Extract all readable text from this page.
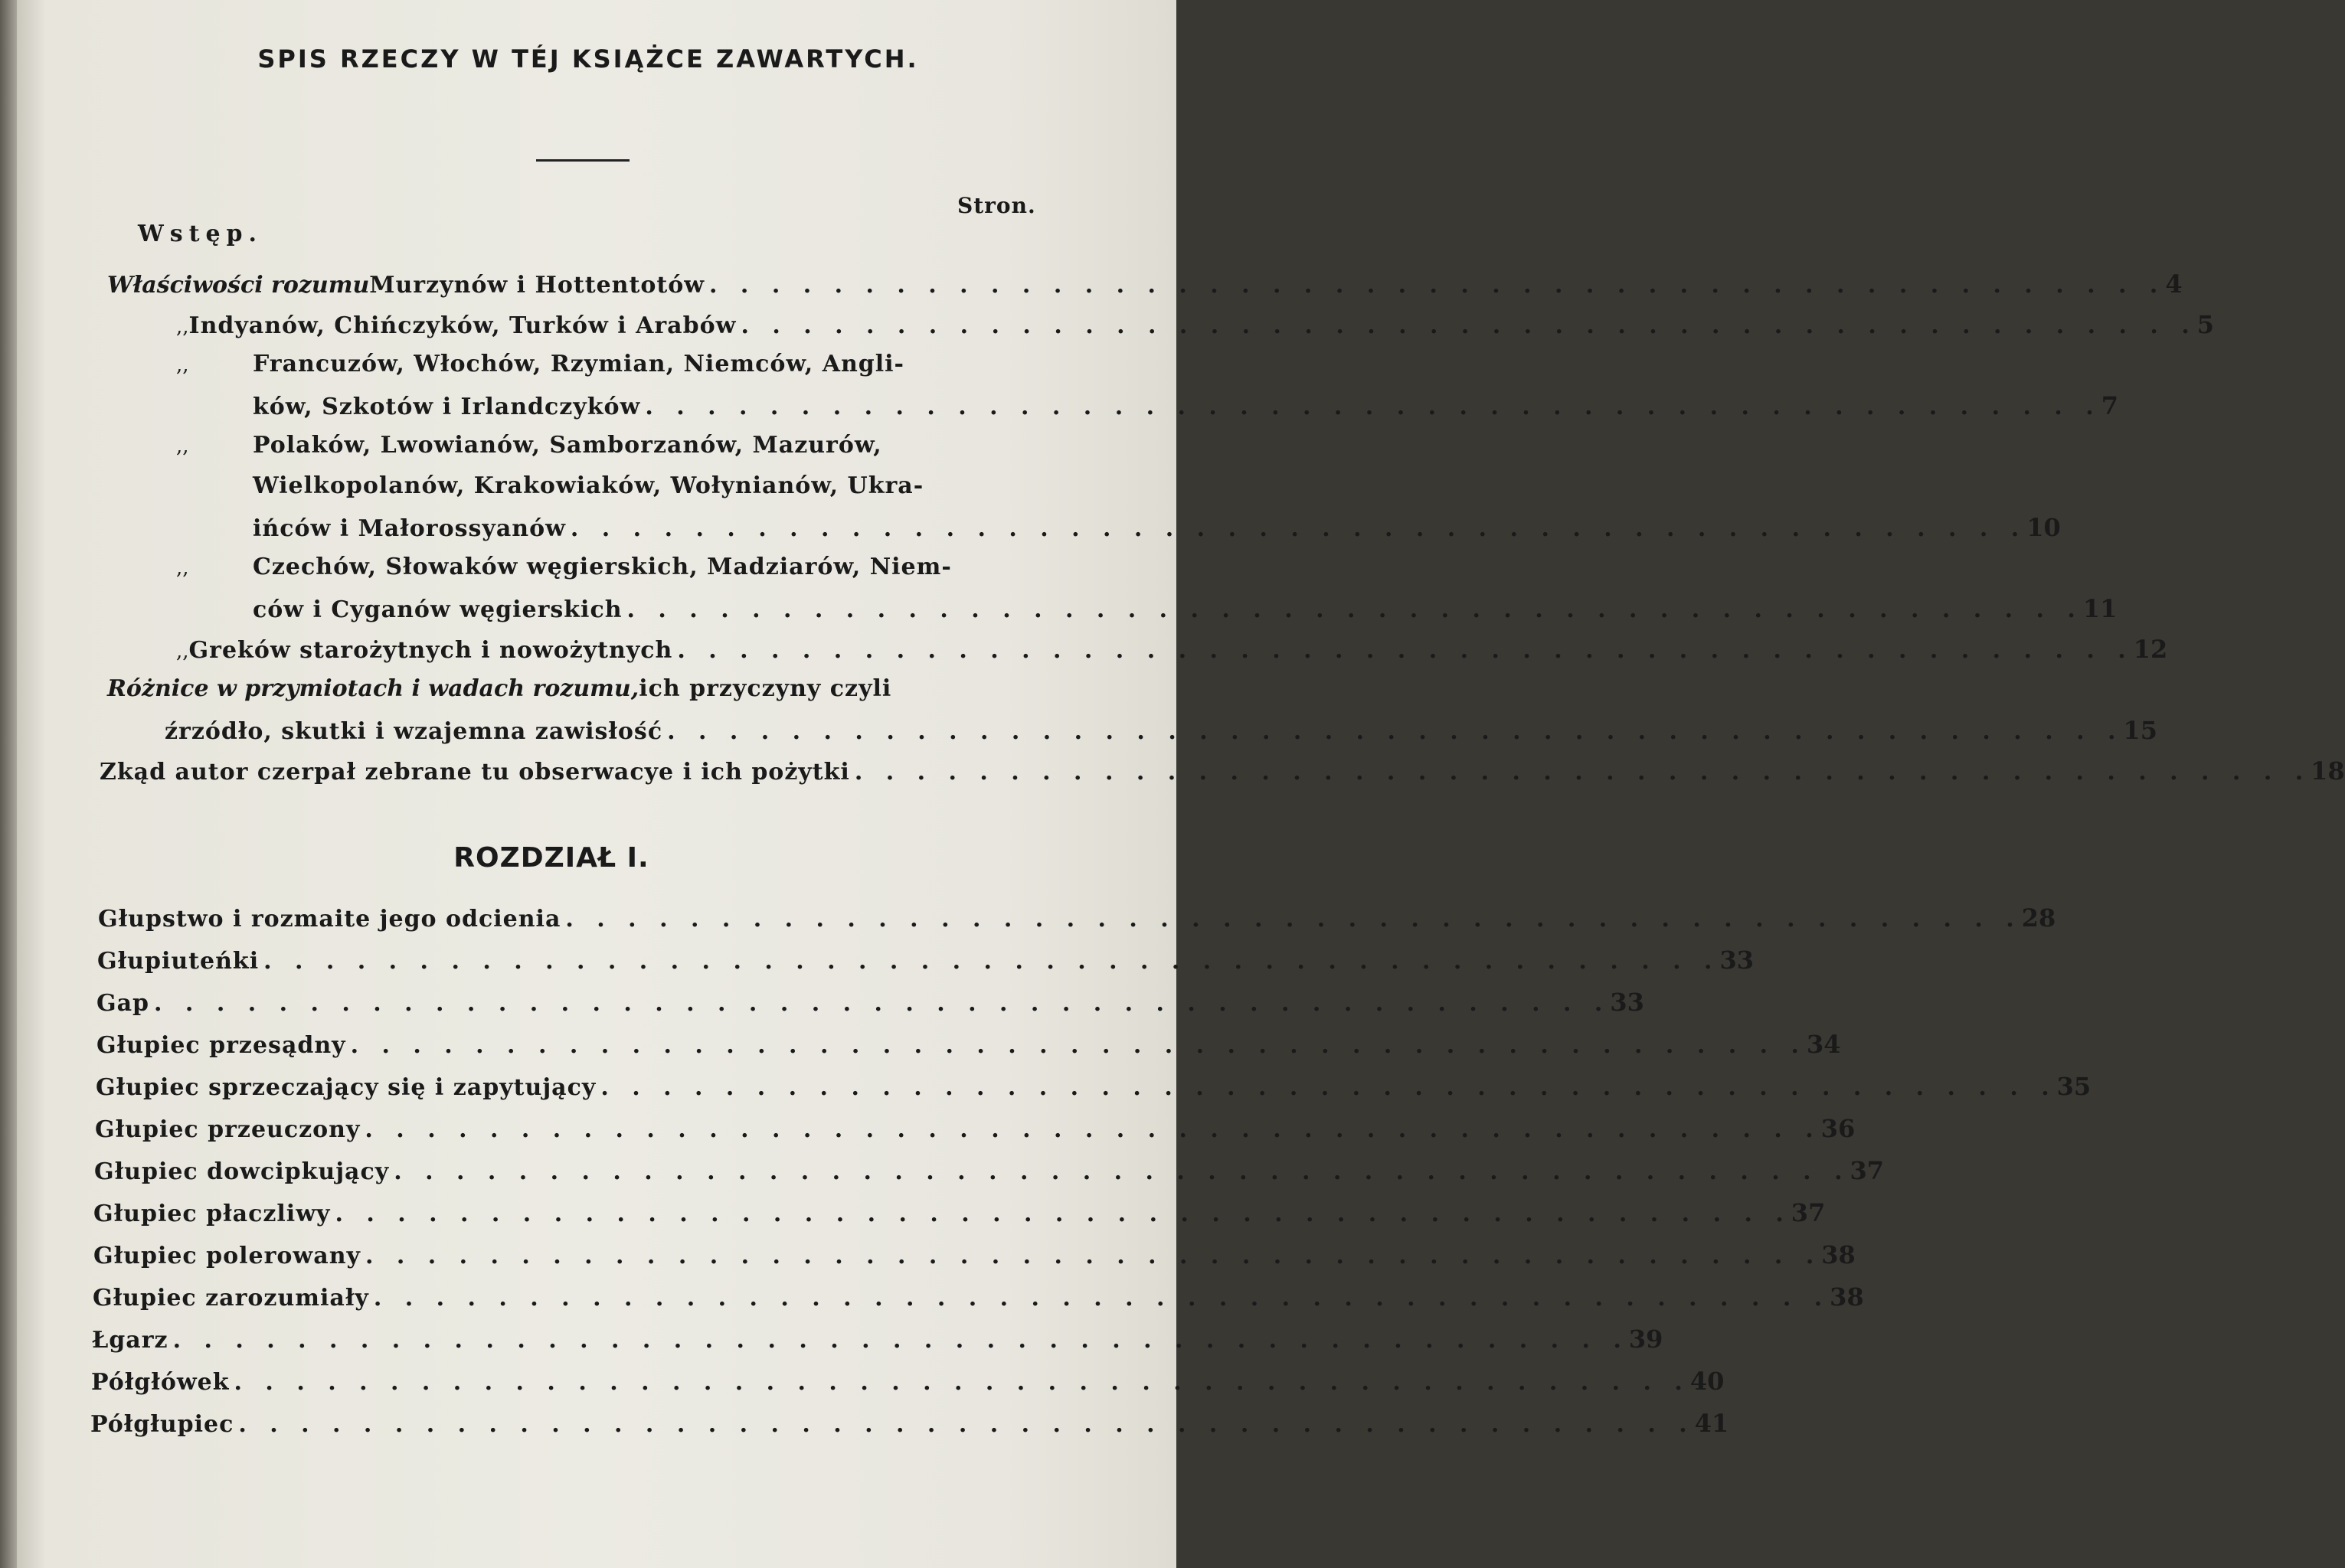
SPIS RZECZY W TÉJ KSIĄŻCE ZAWARTYCH.
Stron.
Wstęp.
Właściwości rozumu Murzynów i Hottentotów . . . . . . . . . . . . . . . . . . . . . . . . . . . . . . . . . . . . . . . . . . . . . . . 4
,, Indyanów, Chińczyków, Turków i Arabów . . . . . . . . . . . . . . . . . . . . . . . . . . . . . . . . . . . . . . . . . . . . . . . 5
,,	Francuzów, Włochów, Rzymian, Niemców, Angli-
ków, Szkotów i Irlandczyków . . . . . . . . . . . . . . . . . . . . . . . . . . . . . . . . . . . . . . . . . . . . . . . 7
,,	Polaków, Lwowianów, Samborzanów, Mazurów,
Wielkopolanów, Krakowiaków, Wołynianów, Ukra-
ińców i Małorossyanów . . . . . . . . . . . . . . . . . . . . . . . . . . . . . . . . . . . . . . . . . . . . . . . 10
,,	Czechów, Słowaków węgierskich, Madziarów, Niem-
ców i Cyganów węgierskich . . . . . . . . . . . . . . . . . . . . . . . . . . . . . . . . . . . . . . . . . . . . . . . 11
,, Greków starożytnych i nowożytnych . . . . . . . . . . . . . . . . . . . . . . . . . . . . . . . . . . . . . . . . . . . . . . . 12
Różnice w przymiotach i wadach rozumu, ich przyczyny czyli
źrzódło, skutki i wzajemna zawisłość . . . . . . . . . . . . . . . . . . . . . . . . . . . . . . . . . . . . . . . . . . . . . . . 15
Zkąd autor czerpał zebrane tu obserwacye i ich pożytki . . . . . . . . . . . . . . . . . . . . . . . . . . . . . . . . . . . . . . . . . . . . . . . 18
ROZDZIAŁ I.
Głupstwo i rozmaite jego odcienia . . . . . . . . . . . . . . . . . . . . . . . . . . . . . . . . . . . . . . . . . . . . . . . 28
Głupiuteńki . . . . . . . . . . . . . . . . . . . . . . . . . . . . . . . . . . . . . . . . . . . . . . . 33
Gap . . . . . . . . . . . . . . . . . . . . . . . . . . . . . . . . . . . . . . . . . . . . . . . 33
Głupiec przesądny . . . . . . . . . . . . . . . . . . . . . . . . . . . . . . . . . . . . . . . . . . . . . . . 34
Głupiec sprzeczający się i zapytujący . . . . . . . . . . . . . . . . . . . . . . . . . . . . . . . . . . . . . . . . . . . . . . . 35
Głupiec przeuczony . . . . . . . . . . . . . . . . . . . . . . . . . . . . . . . . . . . . . . . . . . . . . . . 36
Głupiec dowcipkujący . . . . . . . . . . . . . . . . . . . . . . . . . . . . . . . . . . . . . . . . . . . . . . . 37
Głupiec płaczliwy . . . . . . . . . . . . . . . . . . . . . . . . . . . . . . . . . . . . . . . . . . . . . . . 37
Głupiec polerowany . . . . . . . . . . . . . . . . . . . . . . . . . . . . . . . . . . . . . . . . . . . . . . . 38
Głupiec zarozumiały . . . . . . . . . . . . . . . . . . . . . . . . . . . . . . . . . . . . . . . . . . . . . . . 38
Łgarz . . . . . . . . . . . . . . . . . . . . . . . . . . . . . . . . . . . . . . . . . . . . . . . 39
Półgłówek . . . . . . . . . . . . . . . . . . . . . . . . . . . . . . . . . . . . . . . . . . . . . . . 40
Półgłupiec . . . . . . . . . . . . . . . . . . . . . . . . . . . . . . . . . . . . . . . . . . . . . . . 41
